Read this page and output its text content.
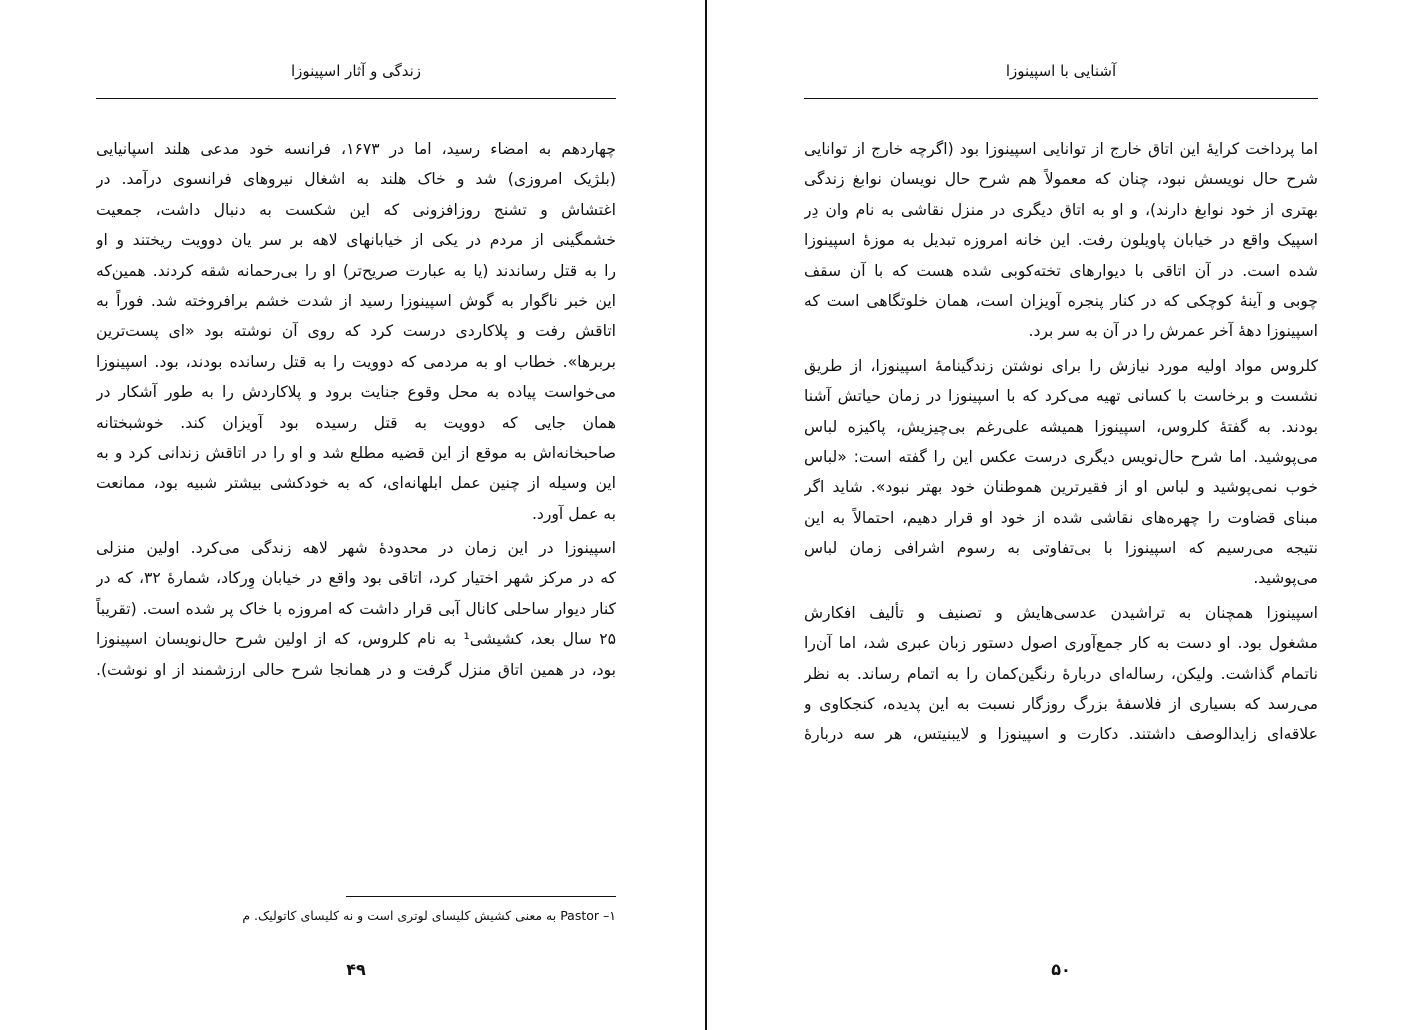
زندگی و آثار اسپینوزا
چهاردهم به امضاء رسید، اما در ۱۶۷۳، فرانسه خود مدعی هلند اسپانیایی
(بلژیک امروزی) شد و خاک هلند به اشغال نیروهای فرانسوی درآمد. در
اغتشاش و تشنج روزافزونی که این شکست به دنبال داشت، جمعیت
خشمگینی از مردم در یکی از خیابانهای لاهه بر سر یان دوویت ریختند و او
را به قتل رساندند (یا به عبارت صریح‌تر) او را بی‌رحمانه شقه کردند. همین‌که
این خبر ناگوار به گوش اسپینوزا رسید از شدت خشم برافروخته شد. فوراً به
اتاقش رفت و پلاکاردی درست کرد که روی آن نوشته بود «ای پست‌ترین
بربرها». خطاب او به مردمی که دوویت را به قتل رسانده بودند، بود. اسپینوزا
می‌خواست پیاده به محل وقوع جنایت برود و پلاکاردش را به طور آشکار در
همان جایی که دوویت به قتل رسیده بود آویزان کند. خوشبختانه
صاحبخانه‌اش به موقع از این قضیه مطلع شد و او را در اتاقش زندانی کرد و به
این وسیله از چنین عمل ابلهانه‌ای، که به خودکشی بیشتر شبیه بود، ممانعت
به عمل آورد.
اسپینوزا در این زمان در محدودهٔ شهر لاهه زندگی می‌کرد. اولین منزلی
که در مرکز شهر اختیار کرد، اتاقی بود واقع در خیابان وِرکاد، شمارهٔ ۳۲، که در
کنار دیوار ساحلی کانال آبی قرار داشت که امروزه با خاک پر شده است. (تقریباً
۲۵ سال بعد، کشیشی¹ به نام کلروس، که از اولین شرح حال‌نویسان اسپینوزا
بود، در همین اتاق منزل گرفت و در همانجا شرح حالی ارزشمند از او نوشت).
۱– Pastor به معنی کشیش کلیسای لوتری است و نه کلیسای کاتولیک. م
۴۹
آشنایی با اسپینوزا
اما پرداخت کرایهٔ این اتاق خارج از توانایی اسپینوزا بود (اگرچه خارج از توانایی
شرح حال نویسش نبود، چنان که معمولاً هم شرح حال نویسان نوابغ زندگی
بهتری از خود نوابغ دارند)، و او به اتاق دیگری در منزل نقاشی به نام وان دِر
اسپیک واقع در خیابان پاویلون رفت. این خانه امروزه تبدیل به موزهٔ اسپینوزا
شده است. در آن اتاقی با دیوارهای تخته‌کوبی شده هست که با آن سقف
چوبی و آینهٔ کوچکی که در کنار پنجره آویزان است، همان خلوتگاهی است که
اسپینوزا دههٔ آخر عمرش را در آن به سر برد.
کلروس مواد اولیه مورد نیازش را برای نوشتن زندگینامهٔ اسپینوزا، از طریق
نشست و برخاست با کسانی تهیه می‌کرد که با اسپینوزا در زمان حیاتش آشنا
بودند. به گفتهٔ کلروس، اسپینوزا همیشه علی‌رغم بی‌چیزیش، پاکیزه لباس
می‌پوشید. اما شرح حال‌نویس دیگری درست عکس این را گفته است: «لباس
خوب نمی‌پوشید و لباس او از فقیرترین هموطنان خود بهتر نبود». شاید اگر
مبنای قضاوت را چهره‌های نقاشی شده از خود او قرار دهیم، احتمالاً به این
نتیجه می‌رسیم که اسپینوزا با بی‌تفاوتی به رسوم اشرافی زمان لباس
می‌پوشید.
اسپینوزا همچنان به تراشیدن عدسی‌هایش و تصنیف و تألیف افکارش
مشغول بود. او دست به کار جمع‌آوری اصول دستور زبان عبری شد، اما آن‌را
ناتمام گذاشت. ولیکن، رساله‌ای دربارهٔ رنگین‌کمان را به اتمام رساند. به نظر
می‌رسد که بسیاری از فلاسفهٔ بزرگ روزگار نسبت به این پدیده، کنجکاوی و
علاقه‌ای زایدالوصف داشتند. دکارت و اسپینوزا و لایبنیتس، هر سه دربارهٔ
۵۰
